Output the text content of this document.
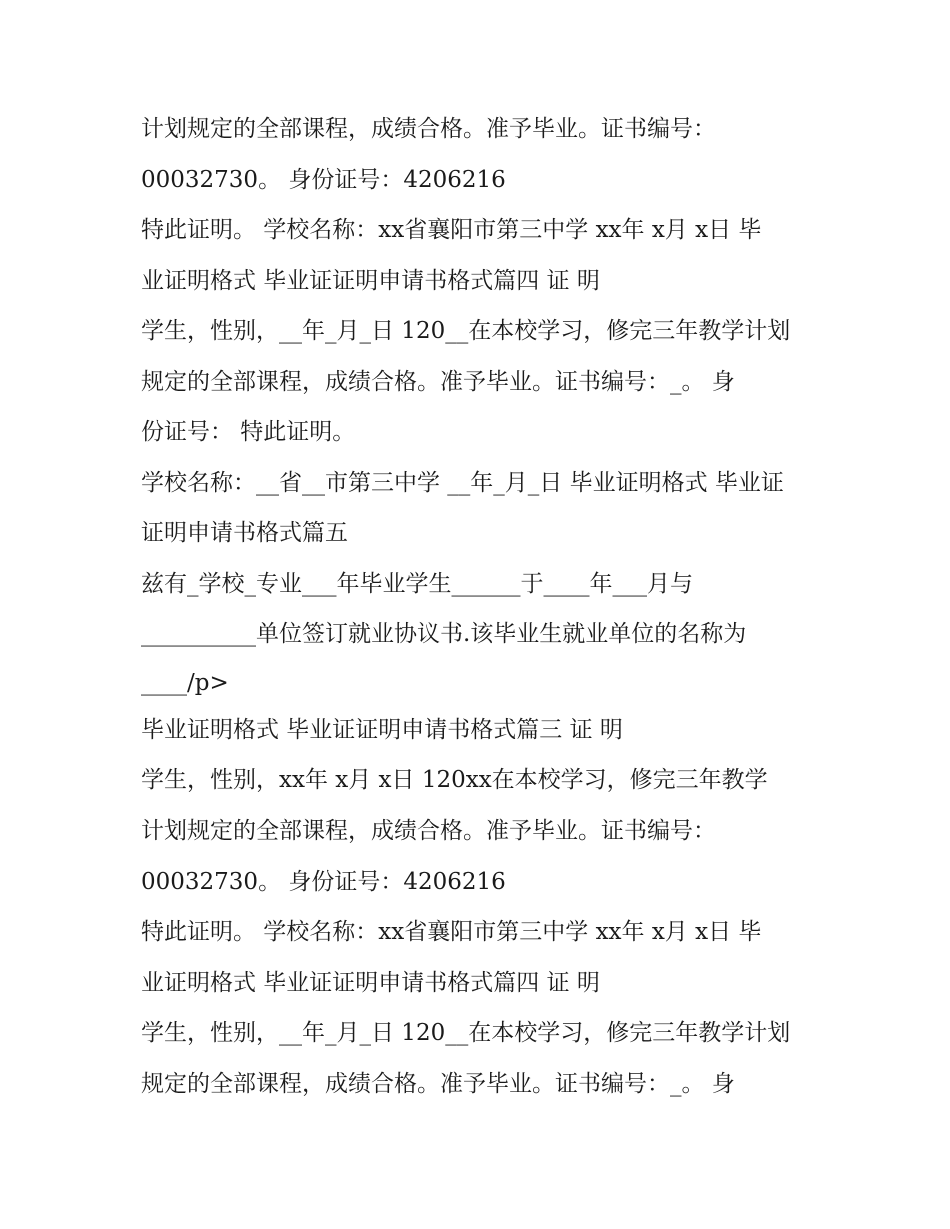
计划规定的全部课程，成绩合格。准予毕业。证书编号：
00032730。 身份证号：4206216
特此证明。 学校名称：xx省襄阳市第三中学 xx年 x月 x日 毕
业证明格式 毕业证证明申请书格式篇四 证 明
学生，性别，__年_月_日 120__在本校学习，修完三年教学计划
规定的全部课程，成绩合格。准予毕业。证书编号：_。 身
份证号： 特此证明。
学校名称：__省__市第三中学 __年_月_日 毕业证明格式 毕业证
证明申请书格式篇五
兹有_学校_专业___年毕业学生______于____年___月与
__________单位签订就业协议书.该毕业生就业单位的名称为
____/p>
毕业证明格式 毕业证证明申请书格式篇三 证 明
学生，性别，xx年 x月 x日 120xx在本校学习，修完三年教学
计划规定的全部课程，成绩合格。准予毕业。证书编号：
00032730。 身份证号：4206216
特此证明。 学校名称：xx省襄阳市第三中学 xx年 x月 x日 毕
业证明格式 毕业证证明申请书格式篇四 证 明
学生，性别，__年_月_日 120__在本校学习，修完三年教学计划
规定的全部课程，成绩合格。准予毕业。证书编号：_。 身
